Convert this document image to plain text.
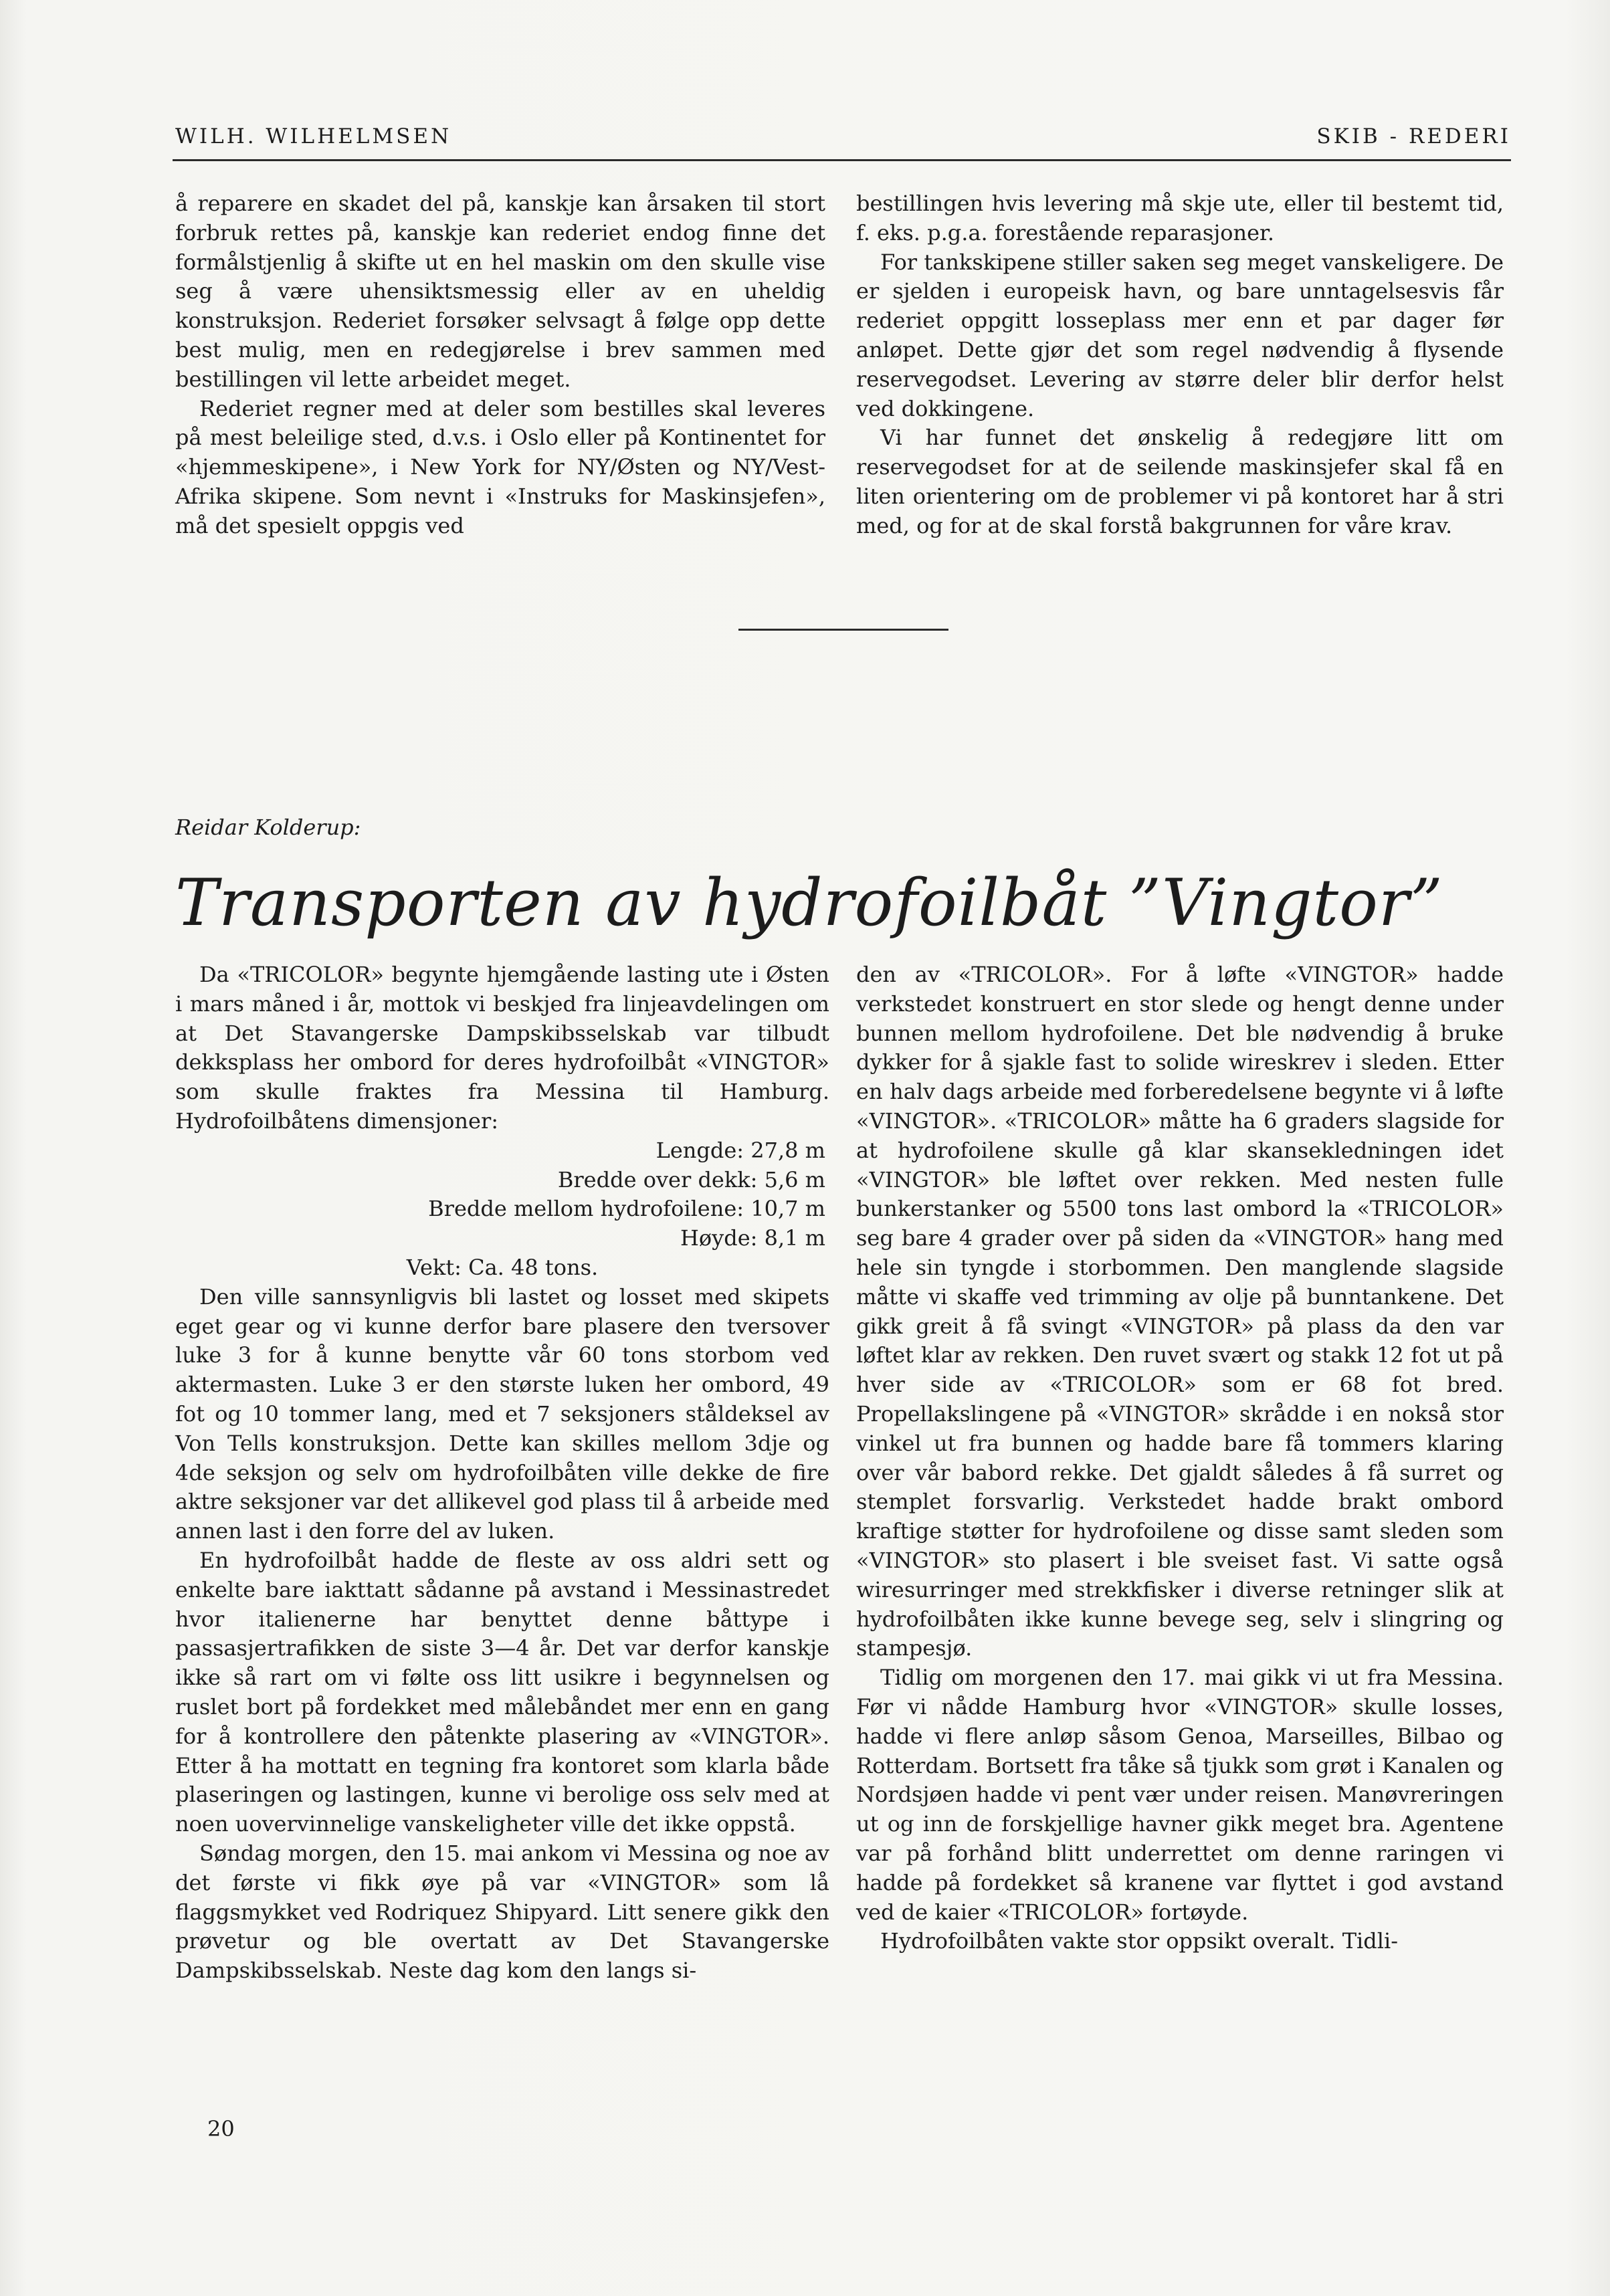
WILH. WILHELMSEN	SKIB - REDERI

å reparere en skadet del på, kanskje kan årsaken til stort forbruk rettes på, kanskje kan rederiet endog finne det formålstjenlig å skifte ut en hel maskin om den skulle vise seg å være uhensiktsmessig eller av en uheldig konstruksjon. Rederiet forsøker selvsagt å følge opp dette best mulig, men en redegjørelse i brev sammen med bestillingen vil lette arbeidet meget.

Rederiet regner med at deler som bestilles skal leveres på mest beleilige sted, d.v.s. i Oslo eller på Kontinentet for «hjemmeskipene», i New York for NY/Østen og NY/Vest-Afrika skipene. Som nevnt i «Instruks for Maskinsjefen», må det spesielt oppgis ved

bestillingen hvis levering må skje ute, eller til bestemt tid, f. eks. p.g.a. forestående reparasjoner.

For tankskipene stiller saken seg meget vanskeligere. De er sjelden i europeisk havn, og bare unntagelsesvis får rederiet oppgitt losseplass mer enn et par dager før anløpet. Dette gjør det som regel nødvendig å flysende reservegodset. Levering av større deler blir derfor helst ved dokkingene.

Vi har funnet det ønskelig å redegjøre litt om reservegodset for at de seilende maskinsjefer skal få en liten orientering om de problemer vi på kontoret har å stri med, og for at de skal forstå bakgrunnen for våre krav.

Reidar Kolderup:
Transporten av hydrofoilbåt ”Vingtor”

Da «TRICOLOR» begynte hjemgående lasting ute i Østen i mars måned i år, mottok vi beskjed fra linjeavdelingen om at Det Stavangerske Dampskibsselskab var tilbudt dekksplass her ombord for deres hydrofoilbåt «VINGTOR» som skulle fraktes fra Messina til Hamburg. Hydrofoilbåtens dimensjoner:

Lengde: 27,8 m
Bredde over dekk: 5,6 m
Bredde mellom hydrofoilene: 10,7 m
Høyde: 8,1 m
Vekt: Ca. 48 tons.

Den ville sannsynligvis bli lastet og losset med skipets eget gear og vi kunne derfor bare plasere den tversover luke 3 for å kunne benytte vår 60 tons storbom ved aktermasten. Luke 3 er den største luken her ombord, 49 fot og 10 tommer lang, med et 7 seksjoners ståldeksel av Von Tells konstruksjon. Dette kan skilles mellom 3dje og 4de seksjon og selv om hydrofoilbåten ville dekke de fire aktre seksjoner var det allikevel god plass til å arbeide med annen last i den forre del av luken.

En hydrofoilbåt hadde de fleste av oss aldri sett og enkelte bare iakttatt sådanne på avstand i Messinastredet hvor italienerne har benyttet denne båttype i passasjertrafikken de siste 3—4 år. Det var derfor kanskje ikke så rart om vi følte oss litt usikre i begynnelsen og ruslet bort på fordekket med målebåndet mer enn en gang for å kontrollere den påtenkte plasering av «VINGTOR». Etter å ha mottatt en tegning fra kontoret som klarla både plaseringen og lastingen, kunne vi berolige oss selv med at noen uovervinnelige vanskeligheter ville det ikke oppstå.

Søndag morgen, den 15. mai ankom vi Messina og noe av det første vi fikk øye på var «VINGTOR» som lå flaggsmykket ved Rodriquez Shipyard. Litt senere gikk den prøvetur og ble overtatt av Det Stavangerske Dampskibsselskab. Neste dag kom den langs si-

den av «TRICOLOR». For å løfte «VINGTOR» hadde verkstedet konstruert en stor slede og hengt denne under bunnen mellom hydrofoilene. Det ble nødvendig å bruke dykker for å sjakle fast to solide wireskrev i sleden. Etter en halv dags arbeide med forberedelsene begynte vi å løfte «VINGTOR». «TRICOLOR» måtte ha 6 graders slagside for at hydrofoilene skulle gå klar skansekledningen idet «VINGTOR» ble løftet over rekken. Med nesten fulle bunkerstanker og 5500 tons last ombord la «TRICOLOR» seg bare 4 grader over på siden da «VINGTOR» hang med hele sin tyngde i storbommen. Den manglende slagside måtte vi skaffe ved trimming av olje på bunntankene. Det gikk greit å få svingt «VINGTOR» på plass da den var løftet klar av rekken. Den ruvet svært og stakk 12 fot ut på hver side av «TRICOLOR» som er 68 fot bred. Propellakslingene på «VINGTOR» skrådde i en nokså stor vinkel ut fra bunnen og hadde bare få tommers klaring over vår babord rekke. Det gjaldt således å få surret og stemplet forsvarlig. Verkstedet hadde brakt ombord kraftige støtter for hydrofoilene og disse samt sleden som «VINGTOR» sto plasert i ble sveiset fast. Vi satte også wiresurringer med strekkfisker i diverse retninger slik at hydrofoilbåten ikke kunne bevege seg, selv i slingring og stampesjø.

Tidlig om morgenen den 17. mai gikk vi ut fra Messina. Før vi nådde Hamburg hvor «VINGTOR» skulle losses, hadde vi flere anløp såsom Genoa, Marseilles, Bilbao og Rotterdam. Bortsett fra tåke så tjukk som grøt i Kanalen og Nordsjøen hadde vi pent vær under reisen. Manøvreringen ut og inn de forskjellige havner gikk meget bra. Agentene var på forhånd blitt underrettet om denne raringen vi hadde på fordekket så kranene var flyttet i god avstand ved de kaier «TRICOLOR» fortøyde.

Hydrofoilbåten vakte stor oppsikt overalt. Tidli-

20
